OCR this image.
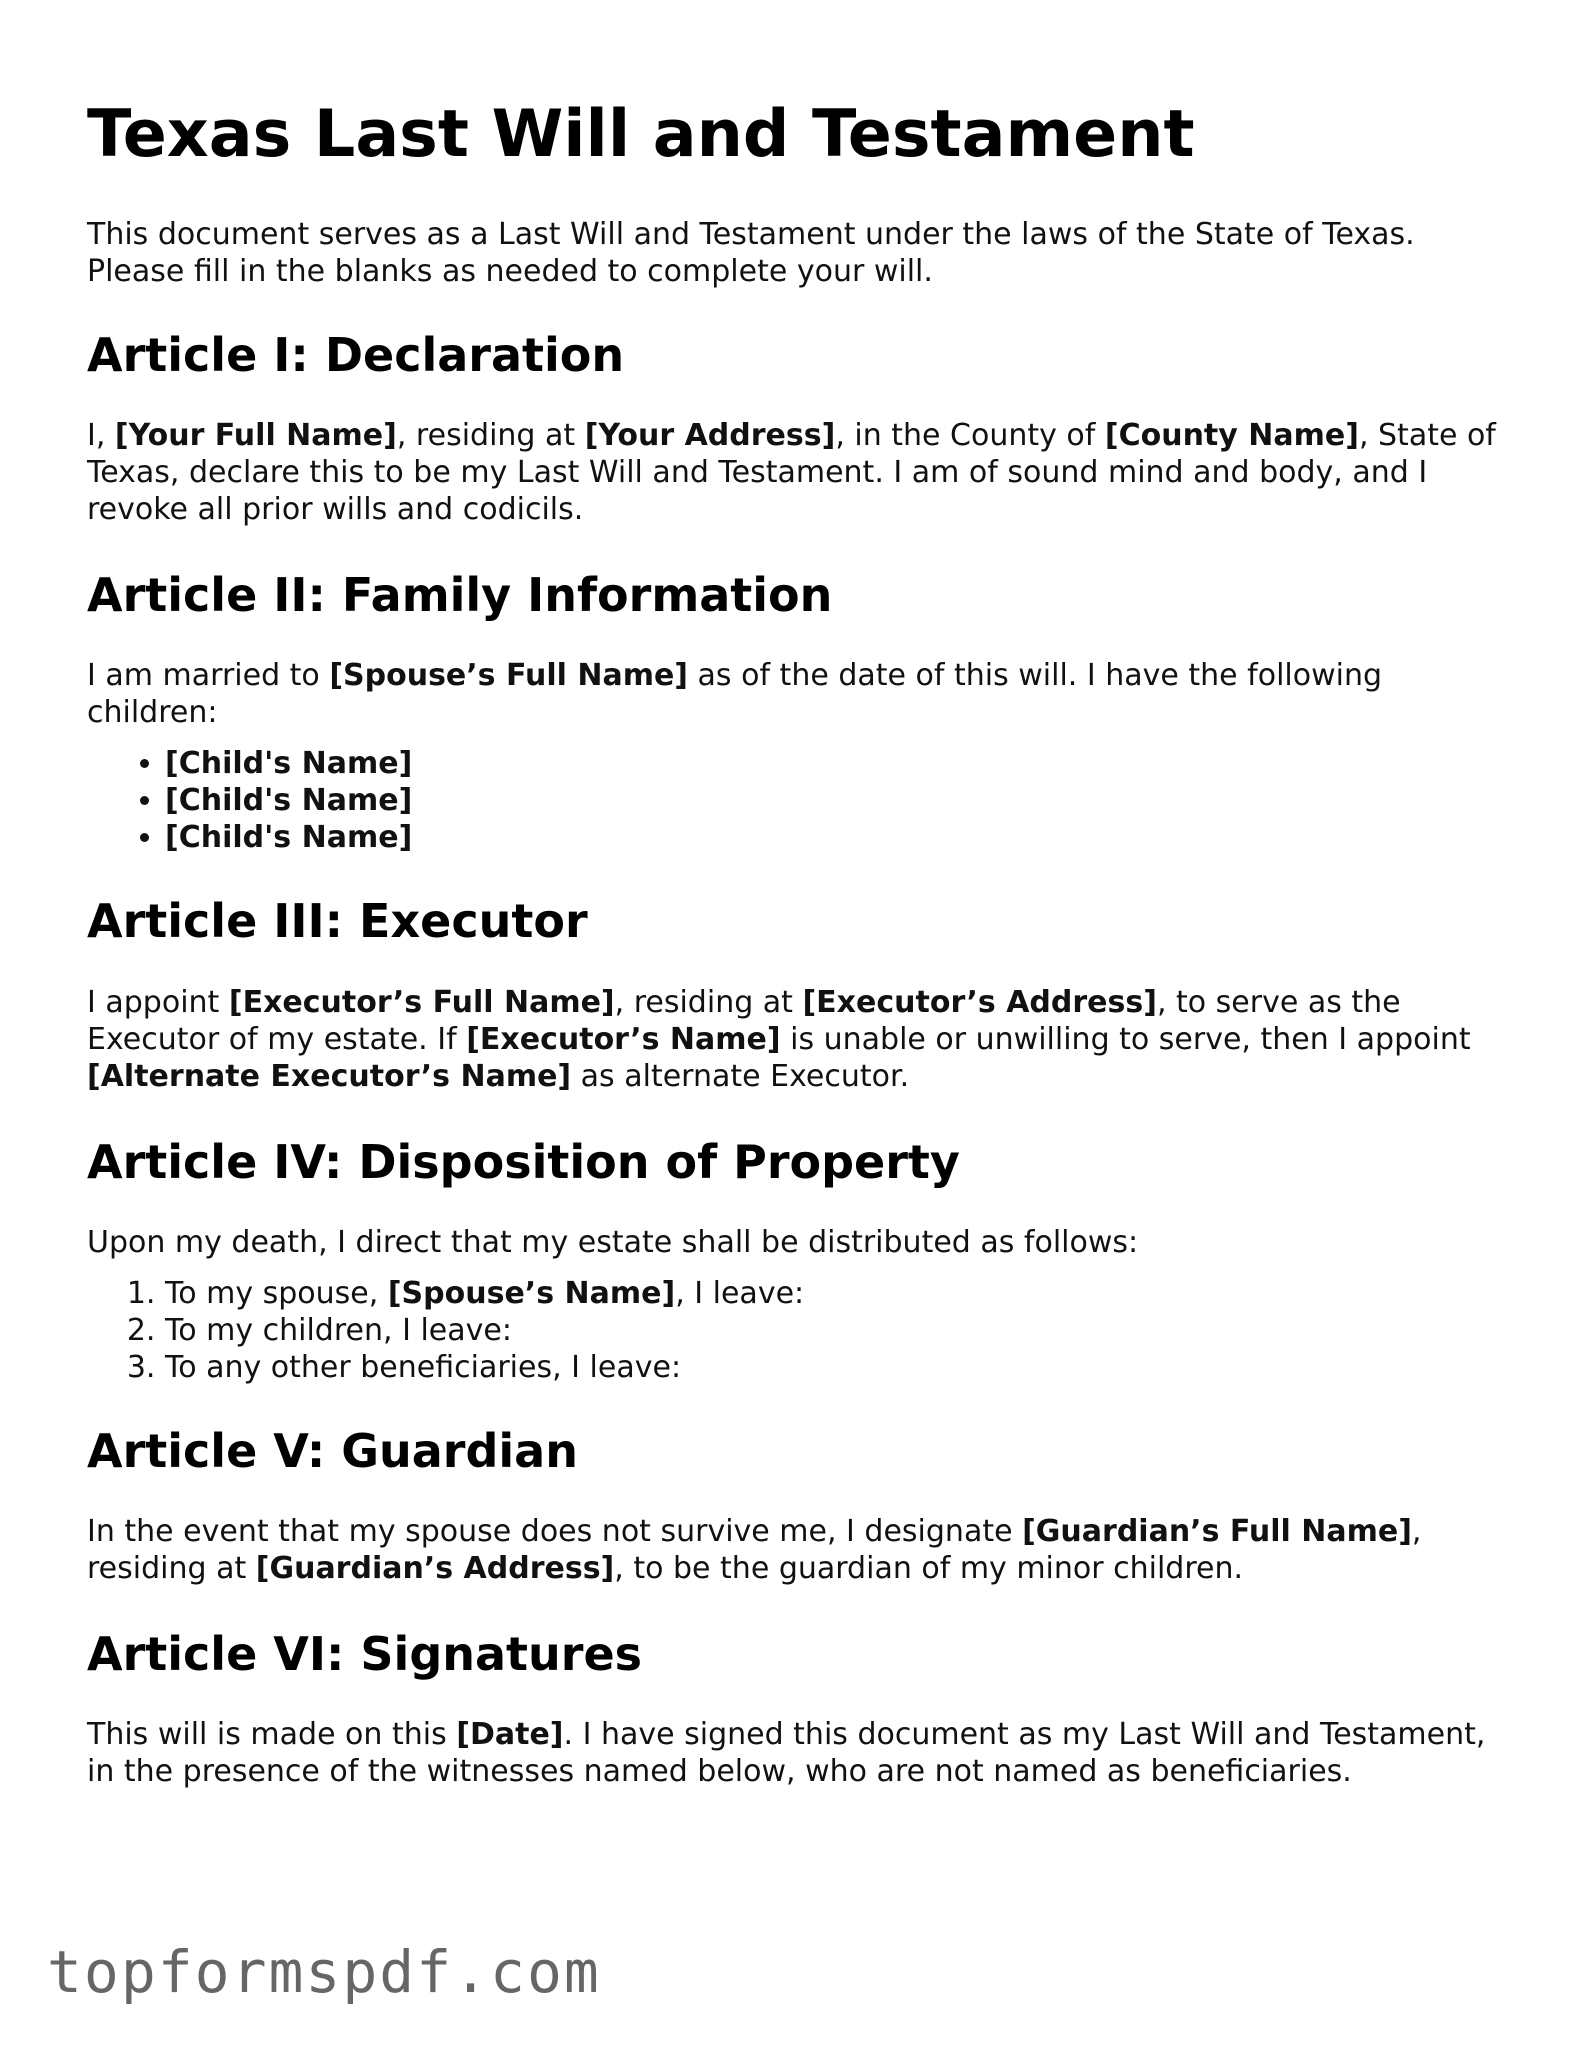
Texas Last Will and Testament

This document serves as a Last Will and Testament under the laws of the State of Texas. Please fill in the blanks as needed to complete your will.

Article I: Declaration

I, [Your Full Name], residing at [Your Address], in the County of [County Name], State of Texas, declare this to be my Last Will and Testament. I am of sound mind and body, and I revoke all prior wills and codicils.

Article II: Family Information

I am married to [Spouse’s Full Name] as of the date of this will. I have the following children:

• [Child's Name]
• [Child's Name]
• [Child's Name]
Article III: Executor

I appoint [Executor’s Full Name], residing at [Executor’s Address], to serve as the Executor of my estate. If [Executor’s Name] is unable or unwilling to serve, then I appoint [Alternate Executor’s Name] as alternate Executor.

Article IV: Disposition of Property

Upon my death, I direct that my estate shall be distributed as follows:

1. To my spouse, [Spouse’s Name], I leave:
2. To my children, I leave:
3. To any other beneficiaries, I leave:
Article V: Guardian

In the event that my spouse does not survive me, I designate [Guardian’s Full Name], residing at [Guardian’s Address], to be the guardian of my minor children.

Article VI: Signatures

This will is made on this [Date]. I have signed this document as my Last Will and Testament, in the presence of the witnesses named below, who are not named as beneficiaries.

topformspdf.com
